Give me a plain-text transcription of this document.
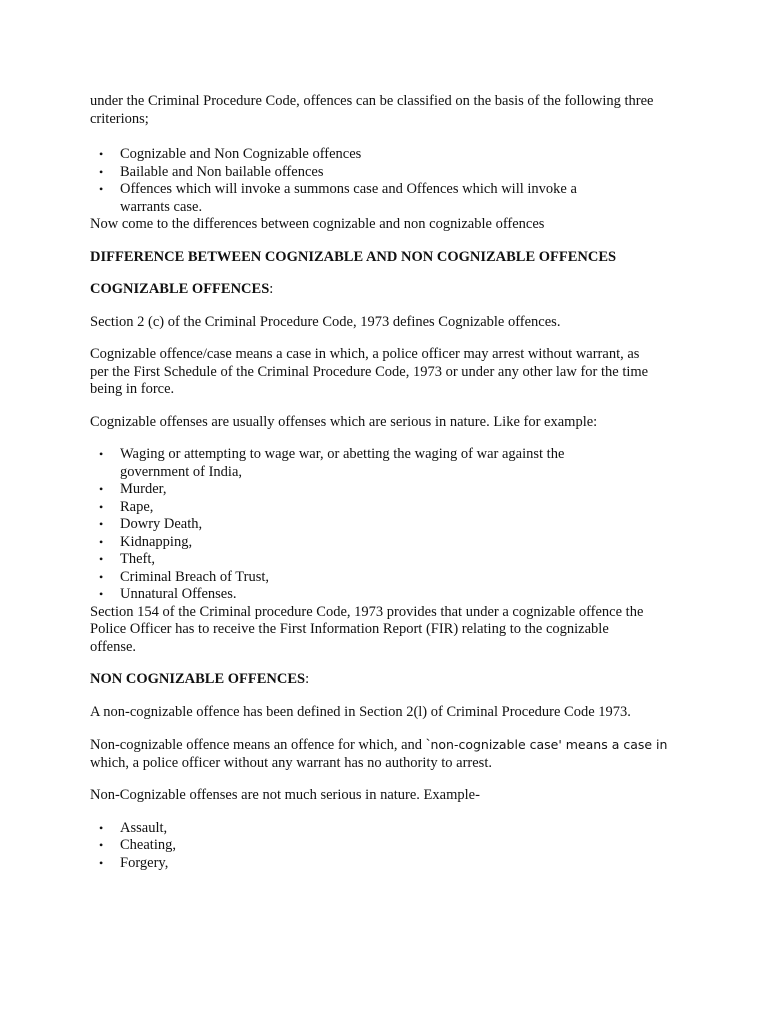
under the Criminal Procedure Code, offences can be classified on the basis of the following three
criterions;

• Cognizable and Non Cognizable offences
• Bailable and Non bailable offences
• Offences which will invoke a summons case and Offences which will invoke a
warrants case.

Now come to the differences between cognizable and non cognizable offences

DIFFERENCE BETWEEN COGNIZABLE AND NON COGNIZABLE OFFENCES

COGNIZABLE OFFENCES:

Section 2 (c) of the Criminal Procedure Code, 1973 defines Cognizable offences.

Cognizable offence/case means a case in which, a police officer may arrest without warrant, as
per the First Schedule of the Criminal Procedure Code, 1973 or under any other law for the time
being in force.

Cognizable offenses are usually offenses which are serious in nature. Like for example:

• Waging or attempting to wage war, or abetting the waging of war against the
government of India,
• Murder,
• Rape,
• Dowry Death,
• Kidnapping,
• Theft,
• Criminal Breach of Trust,
• Unnatural Offenses.

Section 154 of the Criminal procedure Code, 1973 provides that under a cognizable offence the
Police Officer has to receive the First Information Report (FIR) relating to the cognizable
offense.

NON COGNIZABLE OFFENCES:

A non-cognizable offence has been defined in Section 2(l) of Criminal Procedure Code 1973.

Non-cognizable offence means an offence for which, and `non-cognizable case' means a case in
which, a police officer without any warrant has no authority to arrest.

Non-Cognizable offenses are not much serious in nature. Example-

• Assault,
• Cheating,
• Forgery,
